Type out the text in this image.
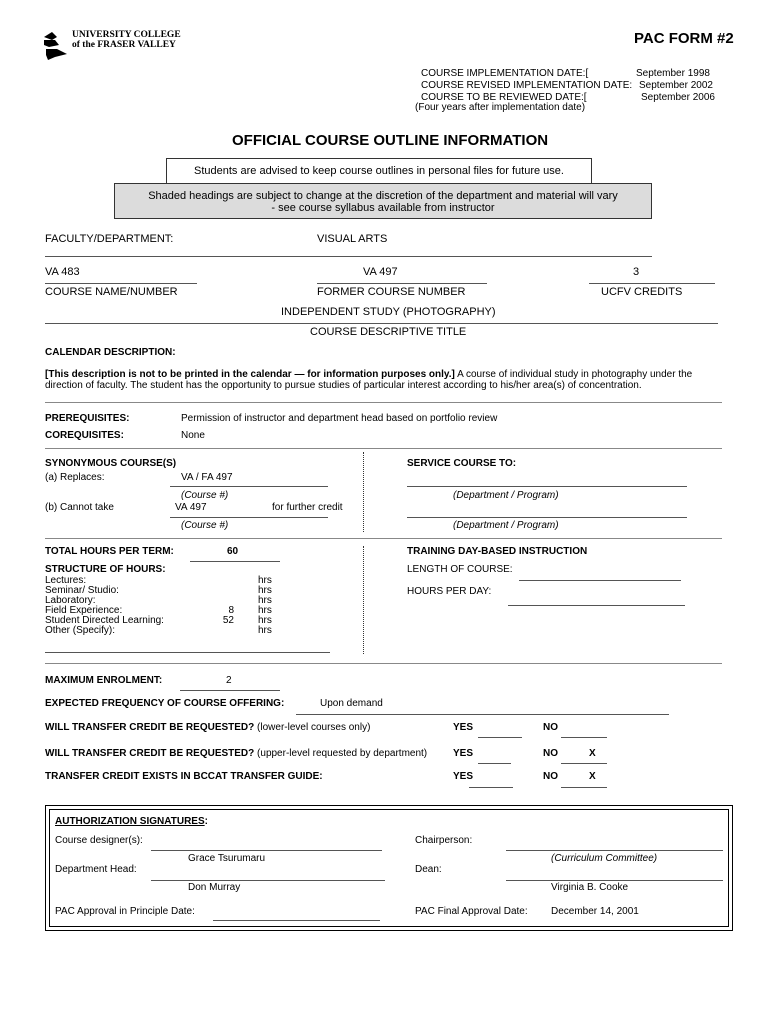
UNIVERSITY COLLEGE
of the FRASER VALLEY	PAC FORM #2
COURSE IMPLEMENTATION DATE:[	September 1998
COURSE REVISED IMPLEMENTATION DATE: September 2002
COURSE TO BE REVIEWED DATE:[	September 2006
(Four years after implementation date)
OFFICIAL COURSE OUTLINE INFORMATION
Students are advised to keep course outlines in personal files for future use.
Shaded headings are subject to change at the discretion of the department and material will vary
- see course syllabus available from instructor
FACULTY/DEPARTMENT:	VISUAL ARTS
VA 483	VA 497	3
COURSE NAME/NUMBER	FORMER COURSE NUMBER	UCFV CREDITS
INDEPENDENT STUDY (PHOTOGRAPHY)
COURSE DESCRIPTIVE TITLE
CALENDAR DESCRIPTION:
[This description is not to be printed in the calendar — for information purposes only.] A course of individual study in photography under the
direction of faculty. The student has the opportunity to pursue studies of particular interest according to his/her area(s) of concentration.
PREREQUISITES:	Permission of instructor and department head based on portfolio review
COREQUISITES:	None
SYNONYMOUS COURSE(S)
(a) Replaces:	VA / FA 497
(Course #)
(b) Cannot take	VA 497	for further credit
(Course #)
SERVICE COURSE TO:
(Department / Program)
(Department / Program)
TOTAL HOURS PER TERM:	60
STRUCTURE OF HOURS:
Lectures:	hrs
Seminar/ Studio:	hrs
Laboratory:	hrs
Field Experience:	8 hrs
Student Directed Learning:	52 hrs
Other (Specify):	hrs
TRAINING DAY-BASED INSTRUCTION
LENGTH OF COURSE:
HOURS PER DAY:
MAXIMUM ENROLMENT:	2
EXPECTED FREQUENCY OF COURSE OFFERING:	Upon demand
WILL TRANSFER CREDIT BE REQUESTED? (lower-level courses only)	YES	NO
WILL TRANSFER CREDIT BE REQUESTED? (upper-level requested by department)	YES	NO	X
TRANSFER CREDIT EXISTS IN BCCAT TRANSFER GUIDE:	YES	NO	X
AUTHORIZATION SIGNATURES:
Course designer(s):
Grace Tsurumaru
Department Head:
Don Murray
PAC Approval in Principle Date:
Chairperson:
(Curriculum Committee)
Dean:
Virginia B. Cooke
PAC Final Approval Date: December 14, 2001
